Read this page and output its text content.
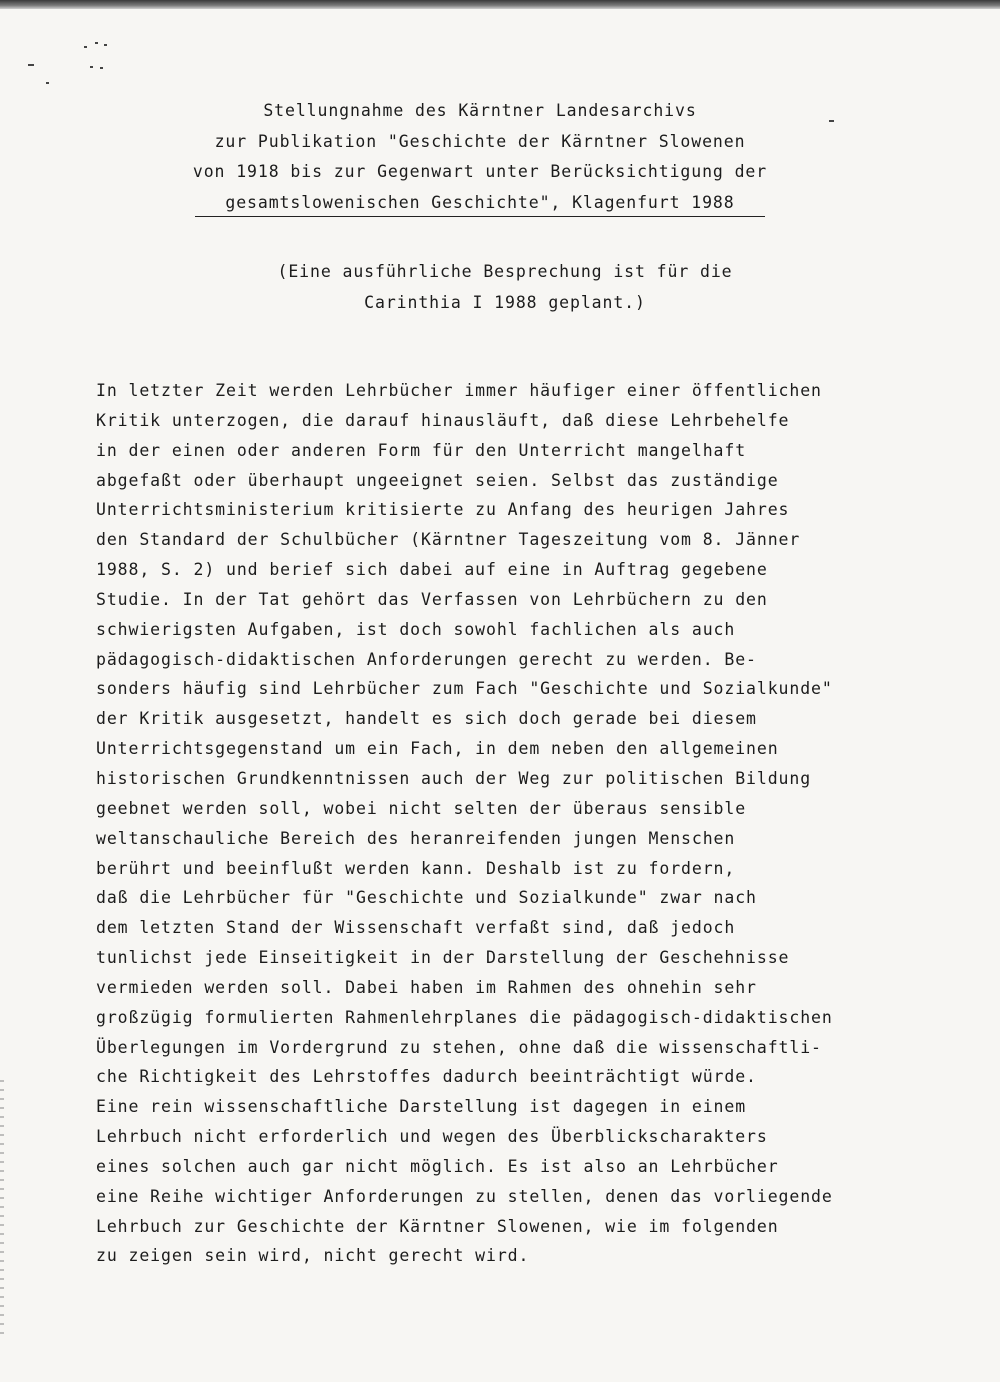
Stellungnahme des Kärntner Landesarchivs
zur Publikation "Geschichte der Kärntner Slowenen
von 1918 bis zur Gegenwart unter Berücksichtigung der
gesamtslowenischen Geschichte", Klagenfurt 1988
(Eine ausführliche Besprechung ist für die
Carinthia I 1988 geplant.)
In letzter Zeit werden Lehrbücher immer häufiger einer öffentlichen
Kritik unterzogen, die darauf hinausläuft, daß diese Lehrbehelfe
in der einen oder anderen Form für den Unterricht mangelhaft
abgefaßt oder überhaupt ungeeignet seien. Selbst das zuständige
Unterrichtsministerium kritisierte zu Anfang des heurigen Jahres
den Standard der Schulbücher (Kärntner Tageszeitung vom 8. Jänner
1988, S. 2) und berief sich dabei auf eine in Auftrag gegebene
Studie. In der Tat gehört das Verfassen von Lehrbüchern zu den
schwierigsten Aufgaben, ist doch sowohl fachlichen als auch
pädagogisch-didaktischen Anforderungen gerecht zu werden. Be-
sonders häufig sind Lehrbücher zum Fach "Geschichte und Sozialkunde"
der Kritik ausgesetzt, handelt es sich doch gerade bei diesem
Unterrichtsgegenstand um ein Fach, in dem neben den allgemeinen
historischen Grundkenntnissen auch der Weg zur politischen Bildung
geebnet werden soll, wobei nicht selten der überaus sensible
weltanschauliche Bereich des heranreifenden jungen Menschen
berührt und beeinflußt werden kann. Deshalb ist zu fordern,
daß die Lehrbücher für "Geschichte und Sozialkunde" zwar nach
dem letzten Stand der Wissenschaft verfaßt sind, daß jedoch
tunlichst jede Einseitigkeit in der Darstellung der Geschehnisse
vermieden werden soll. Dabei haben im Rahmen des ohnehin sehr
großzügig formulierten Rahmenlehrplanes die pädagogisch-didaktischen
Überlegungen im Vordergrund zu stehen, ohne daß die wissenschaftli-
che Richtigkeit des Lehrstoffes dadurch beeinträchtigt würde.
Eine rein wissenschaftliche Darstellung ist dagegen in einem
Lehrbuch nicht erforderlich und wegen des Überblickscharakters
eines solchen auch gar nicht möglich. Es ist also an Lehrbücher
eine Reihe wichtiger Anforderungen zu stellen, denen das vorliegende
Lehrbuch zur Geschichte der Kärntner Slowenen, wie im folgenden
zu zeigen sein wird, nicht gerecht wird.
